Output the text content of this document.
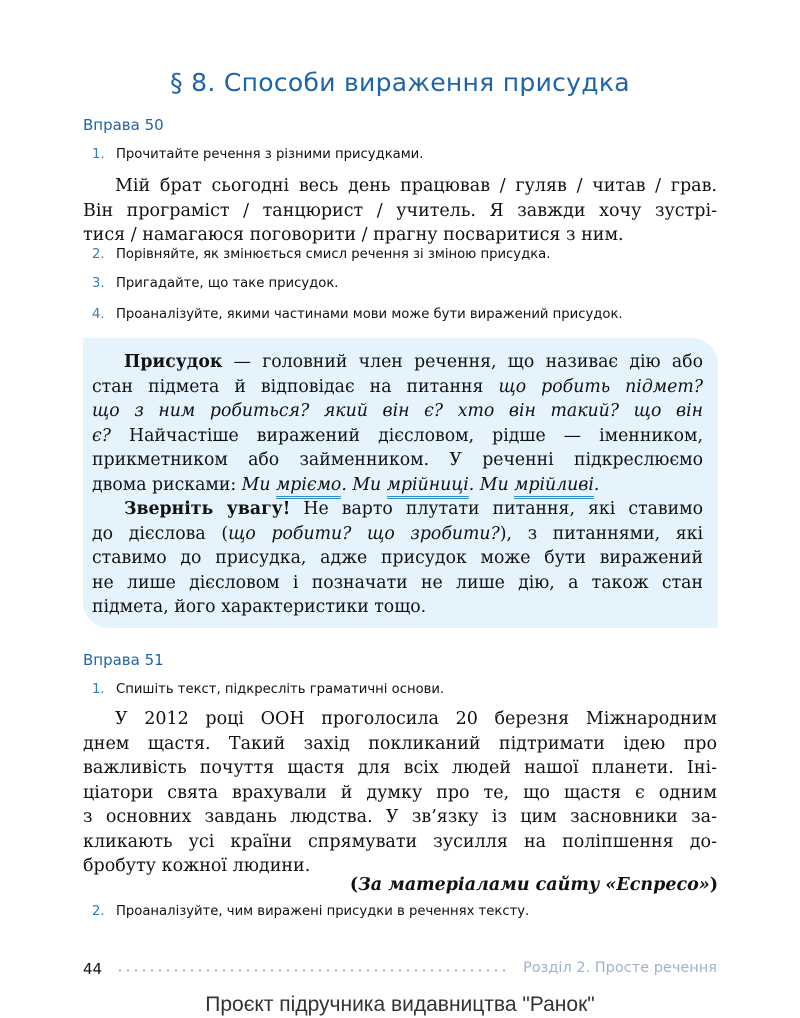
§ 8. Способи вираження присудка
Вправа 50
1. Прочитайте речення з різними присудками.
Мій брат сьогодні весь день працював / гуляв / читав / грав.
Він програміст / танцюрист / учитель. Я завжди хочу зустрі-
тися / намагаюся поговорити / прагну посваритися з ним.
2. Порівняйте, як змінюється смисл речення зі зміною присудка.
3. Пригадайте, що таке присудок.
4. Проаналізуйте, якими частинами мови може бути виражений присудок.
Присудок — головний член речення, що називає дію або
стан підмета й відповідає на питання що робить підмет?
що з ним робиться? який він є? хто він такий? що він
є? Найчастіше виражений дієсловом, рідше — іменником,
прикметником або займенником. У реченні підкреслюємо
двома рисками: Ми мріємо. Ми мрійниці. Ми мрійливі.
Зверніть увагу! Не варто плутати питання, які ставимо
до дієслова (що робити? що зробити?), з питаннями, які
ставимо до присудка, адже присудок може бути виражений
не лише дієсловом і позначати не лише дію, а також стан
підмета, його характеристики тощо.
Вправа 51
1. Спишіть текст, підкресліть граматичні основи.
У 2012 році ООН проголосила 20 березня Міжнародним
днем щастя. Такий захід покликаний підтримати ідею про
важливість почуття щастя для всіх людей нашої планети. Іні-
ціатори свята врахували й думку про те, що щастя є одним
з основних завдань людства. У зв’язку із цим засновники за-
кликають усі країни спрямувати зусилля на поліпшення до-
бробуту кожної людини.
(За матеріалами сайту «Еспресо»)
2. Проаналізуйте, чим виражені присудки в реченнях тексту.
44	Розділ 2. Просте речення
Проєкт підручника видавництва "Ранок"
